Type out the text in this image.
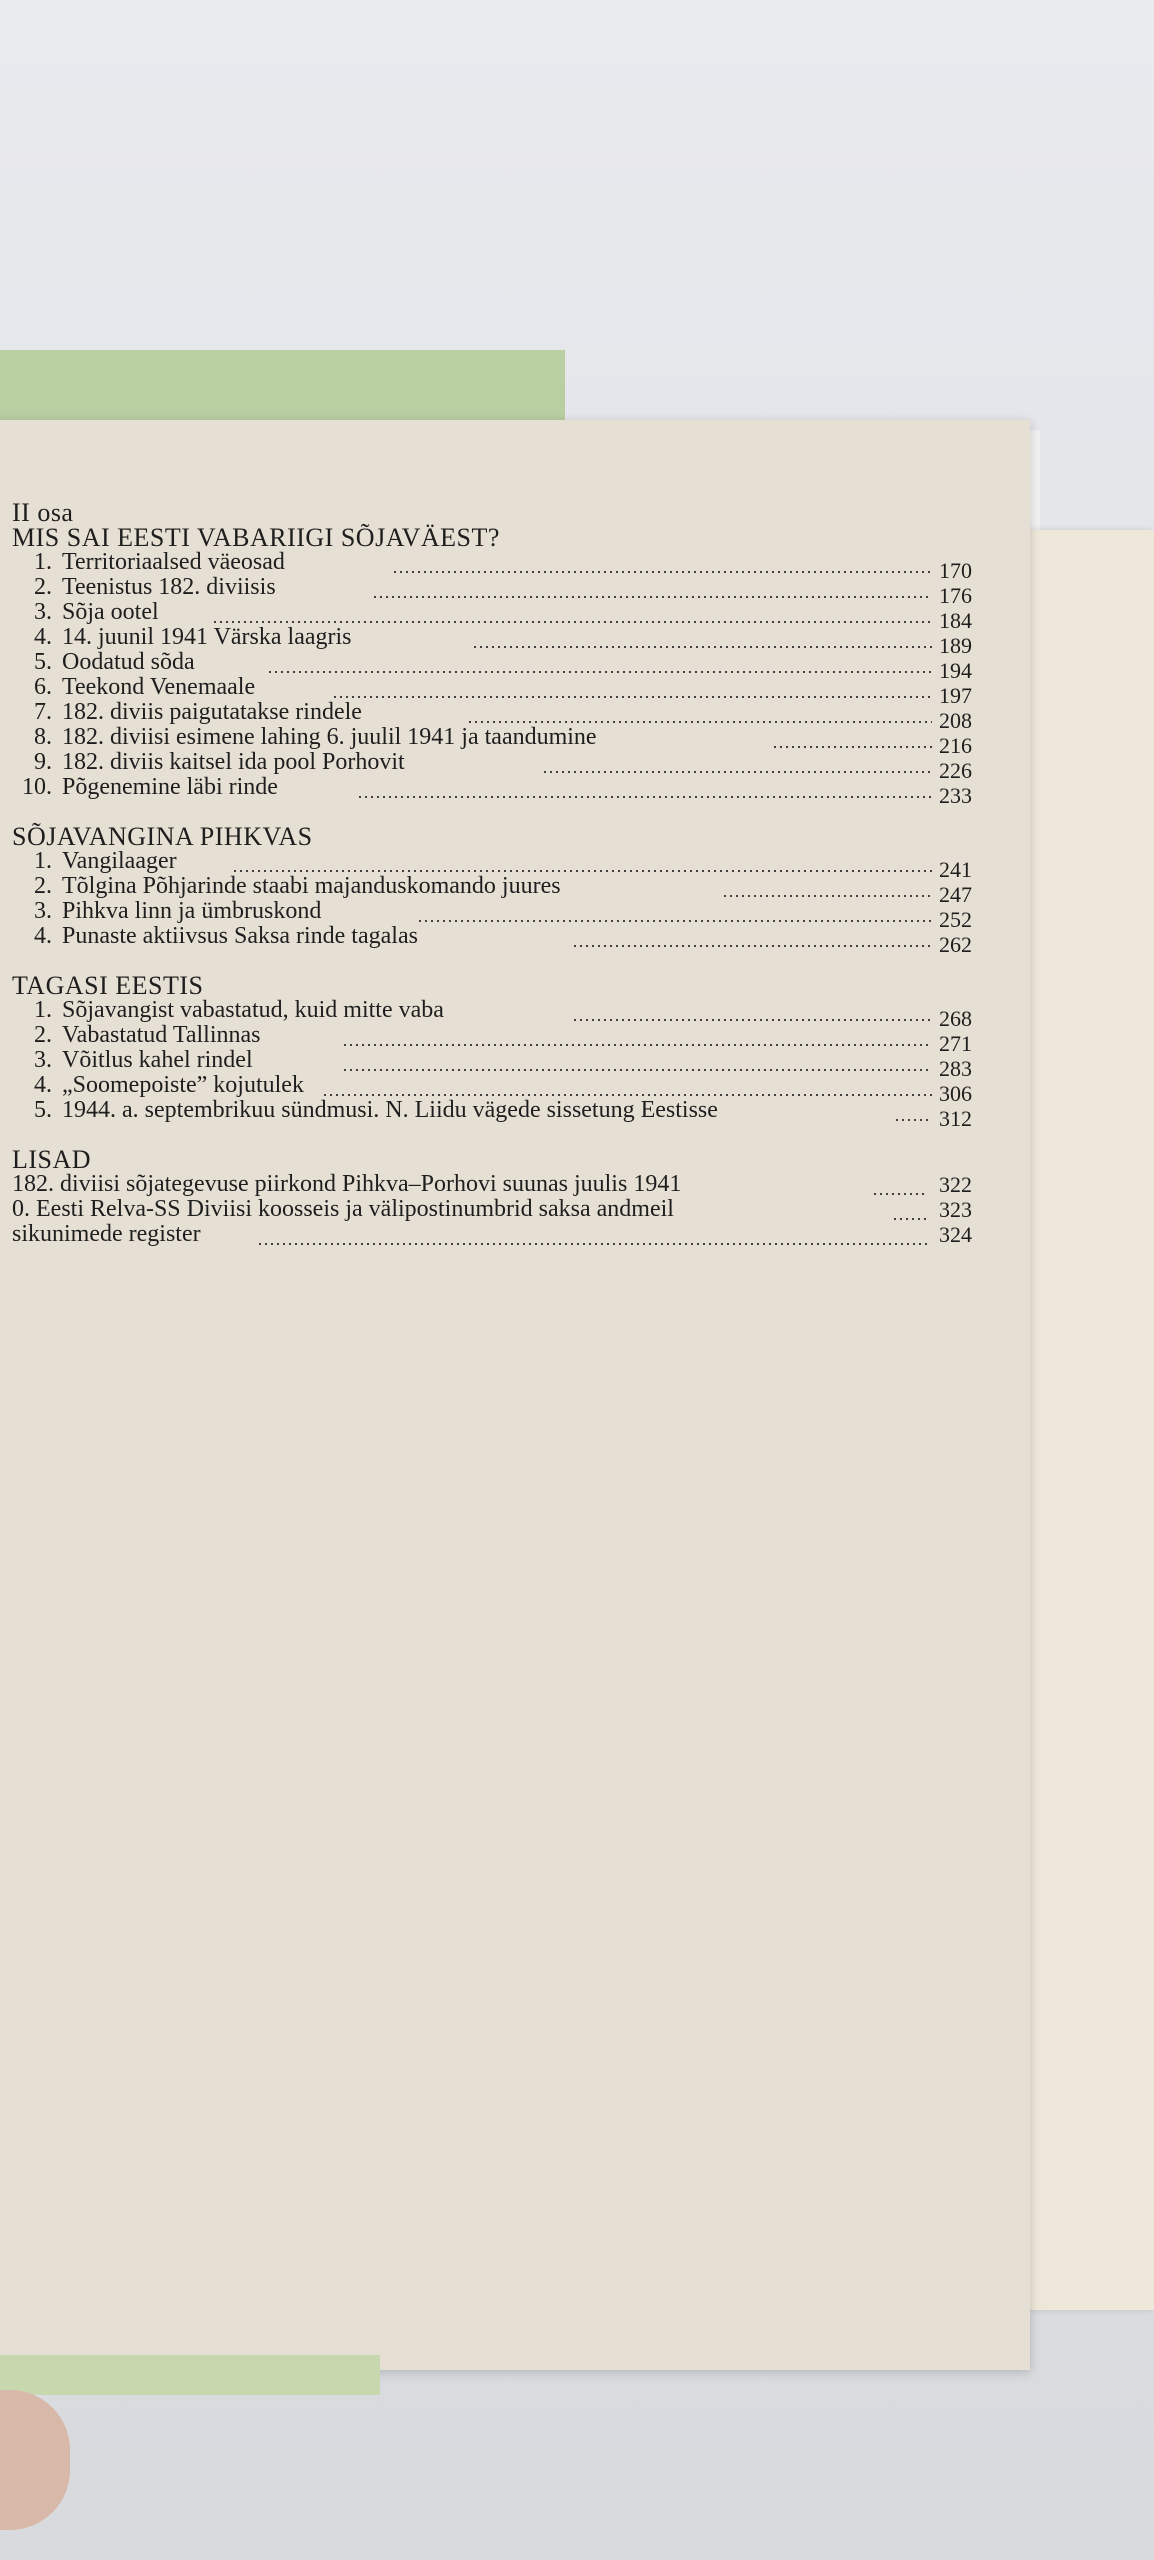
II osa
MIS SAI EESTI VABARIIGI SÕJAVÄEST?
1. Territoriaalsed väeosad	170
2. Teenistus 182. diviisis	176
3. Sõja ootel	184
4. 14. juunil 1941 Värska laagris	189
5. Oodatud sõda	194
6. Teekond Venemaale	197
7. 182. diviis paigutatakse rindele	208
8. 182. diviisi esimene lahing 6. juulil 1941 ja taandumine	216
9. 182. diviis kaitsel ida pool Porhovit	226
10. Põgenemine läbi rinde	233
SÕJAVANGINA PIHKVAS
1. Vangilaager	241
2. Tõlgina Põhjarinde staabi majanduskomando juures	247
3. Pihkva linn ja ümbruskond	252
4. Punaste aktiivsus Saksa rinde tagalas	262
TAGASI EESTIS
1. Sõjavangist vabastatud, kuid mitte vaba	268
2. Vabastatud Tallinnas	271
3. Võitlus kahel rindel	283
4. „Soomepoiste” kojutulek	306
5. 1944. a. septembrikuu sündmusi. N. Liidu vägede sissetung Eestisse	312
LISAD
182. diviisi sõjategevuse piirkond Pihkva–Porhovi suunas juulis 1941	322
0. Eesti Relva-SS Diviisi koosseis ja välipostinumbrid saksa andmeil	323
sikunimede register	324
